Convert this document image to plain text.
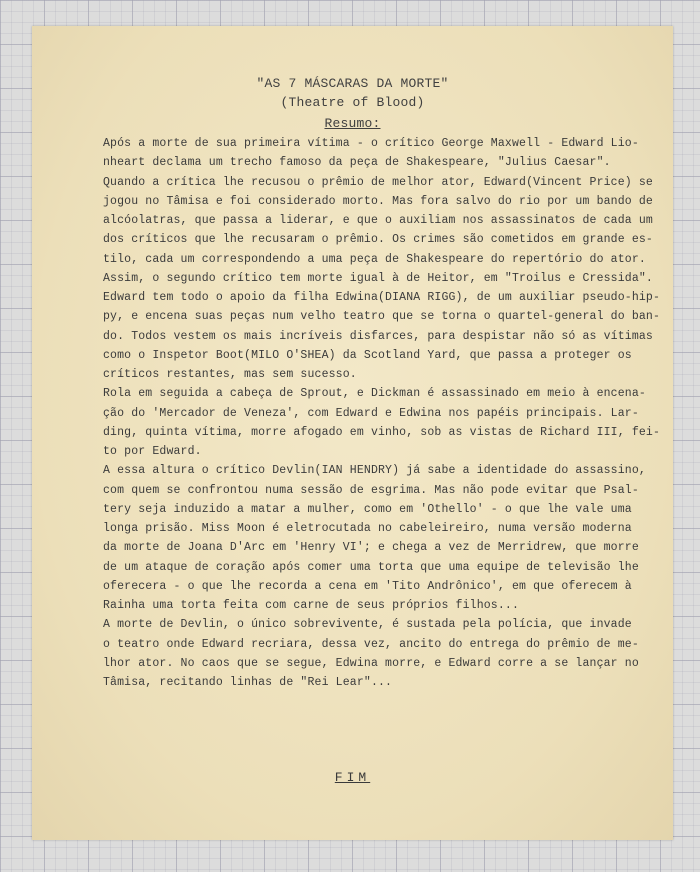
"AS 7 MÁSCARAS DA MORTE"
(Theatre of Blood)
Resumo:
Após a morte de sua primeira vítima - o crítico George Maxwell - Edward Lio-
nheart declama um trecho famoso da peça de Shakespeare, "Julius Caesar".
Quando a crítica lhe recusou o prêmio de melhor ator, Edward(Vincent Price) se
jogou no Tâmisa e foi considerado morto. Mas fora salvo do rio por um bando de
alcóolatras, que passa a liderar, e que o auxiliam nos assassinatos de cada um
dos críticos que lhe recusaram o prêmio. Os crimes são cometidos em grande es-
tilo, cada um correspondendo a uma peça de Shakespeare do repertório do ator.
Assim, o segundo crítico tem morte igual à de Heitor, em "Troilus e Cressida".
Edward tem todo o apoio da filha Edwina(DIANA RIGG), de um auxiliar pseudo-hip-
py, e encena suas peças num velho teatro que se torna o quartel-general do ban-
do. Todos vestem os mais incríveis disfarces, para despistar não só as vítimas
como o Inspetor Boot(MILO O'SHEA) da Scotland Yard, que passa a proteger os
críticos restantes, mas sem sucesso.
Rola em seguida a cabeça de Sprout, e Dickman é assassinado em meio à encena-
ção do 'Mercador de Veneza', com Edward e Edwina nos papéis principais. Lar-
ding, quinta vítima, morre afogado em vinho, sob as vistas de Richard III, fei-
to por Edward.
A essa altura o crítico Devlin(IAN HENDRY) já sabe a identidade do assassino,
com quem se confrontou numa sessão de esgrima. Mas não pode evitar que Psal-
tery seja induzido a matar a mulher, como em 'Othello' - o que lhe vale uma
longa prisão. Miss Moon é eletrocutada no cabeleireiro, numa versão moderna
da morte de Joana D'Arc em 'Henry VI'; e chega a vez de Merridrew, que morre
de um ataque de coração após comer uma torta que uma equipe de televisão lhe
oferecera - o que lhe recorda a cena em 'Tito Andrônico', em que oferecem à
Rainha uma torta feita com carne de seus próprios filhos...
A morte de Devlin, o único sobrevivente, é sustada pela polícia, que invade
o teatro onde Edward recriara, dessa vez, ancito do entrega do prêmio de me-
lhor ator. No caos que se segue, Edwina morre, e Edward corre a se lançar no
Tâmisa, recitando linhas de "Rei Lear"...
FIM
